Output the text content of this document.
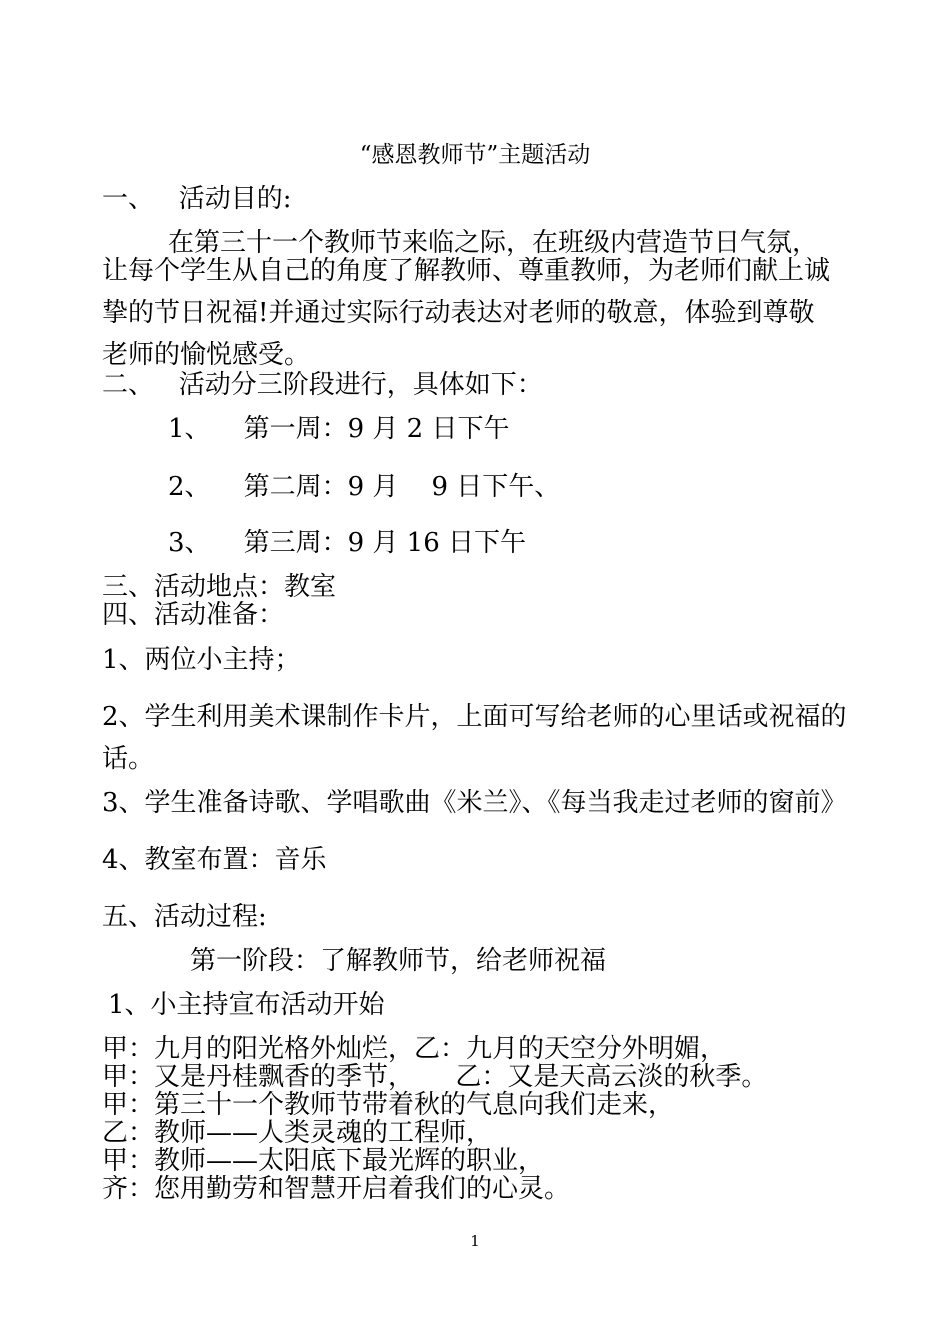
“感恩教师节”主题活动
一、   活动目的:
在第三十一个教师节来临之际，在班级内营造节日气氛，
让每个学生从自己的角度了解教师、尊重教师，为老师们献上诚
挚的节日祝福!并通过实际行动表达对老师的敬意，体验到尊敬
老师的愉悦感受。
二、   活动分三阶段进行，具体如下：
1、    第一周：9 月 2 日下午
2、    第二周：9 月    9 日下午、
3、    第三周：9 月 16 日下午
三、活动地点：教室
四、活动准备：
1、两位小主持；
2、学生利用美术课制作卡片，上面可写给老师的心里话或祝福的
话。
3、学生准备诗歌、学唱歌曲《米兰》、《每当我走过老师的窗前》
4、教室布置：音乐
五、活动过程:
第一阶段：了解教师节，给老师祝福
1、小主持宣布活动开始
甲：九月的阳光格外灿烂，乙：九月的天空分外明媚，
甲：又是丹桂飘香的季节，     乙：又是天高云淡的秋季。
甲：第三十一个教师节带着秋的气息向我们走来，
乙：教师——人类灵魂的工程师，
甲：教师——太阳底下最光辉的职业，
齐：您用勤劳和智慧开启着我们的心灵。
1
